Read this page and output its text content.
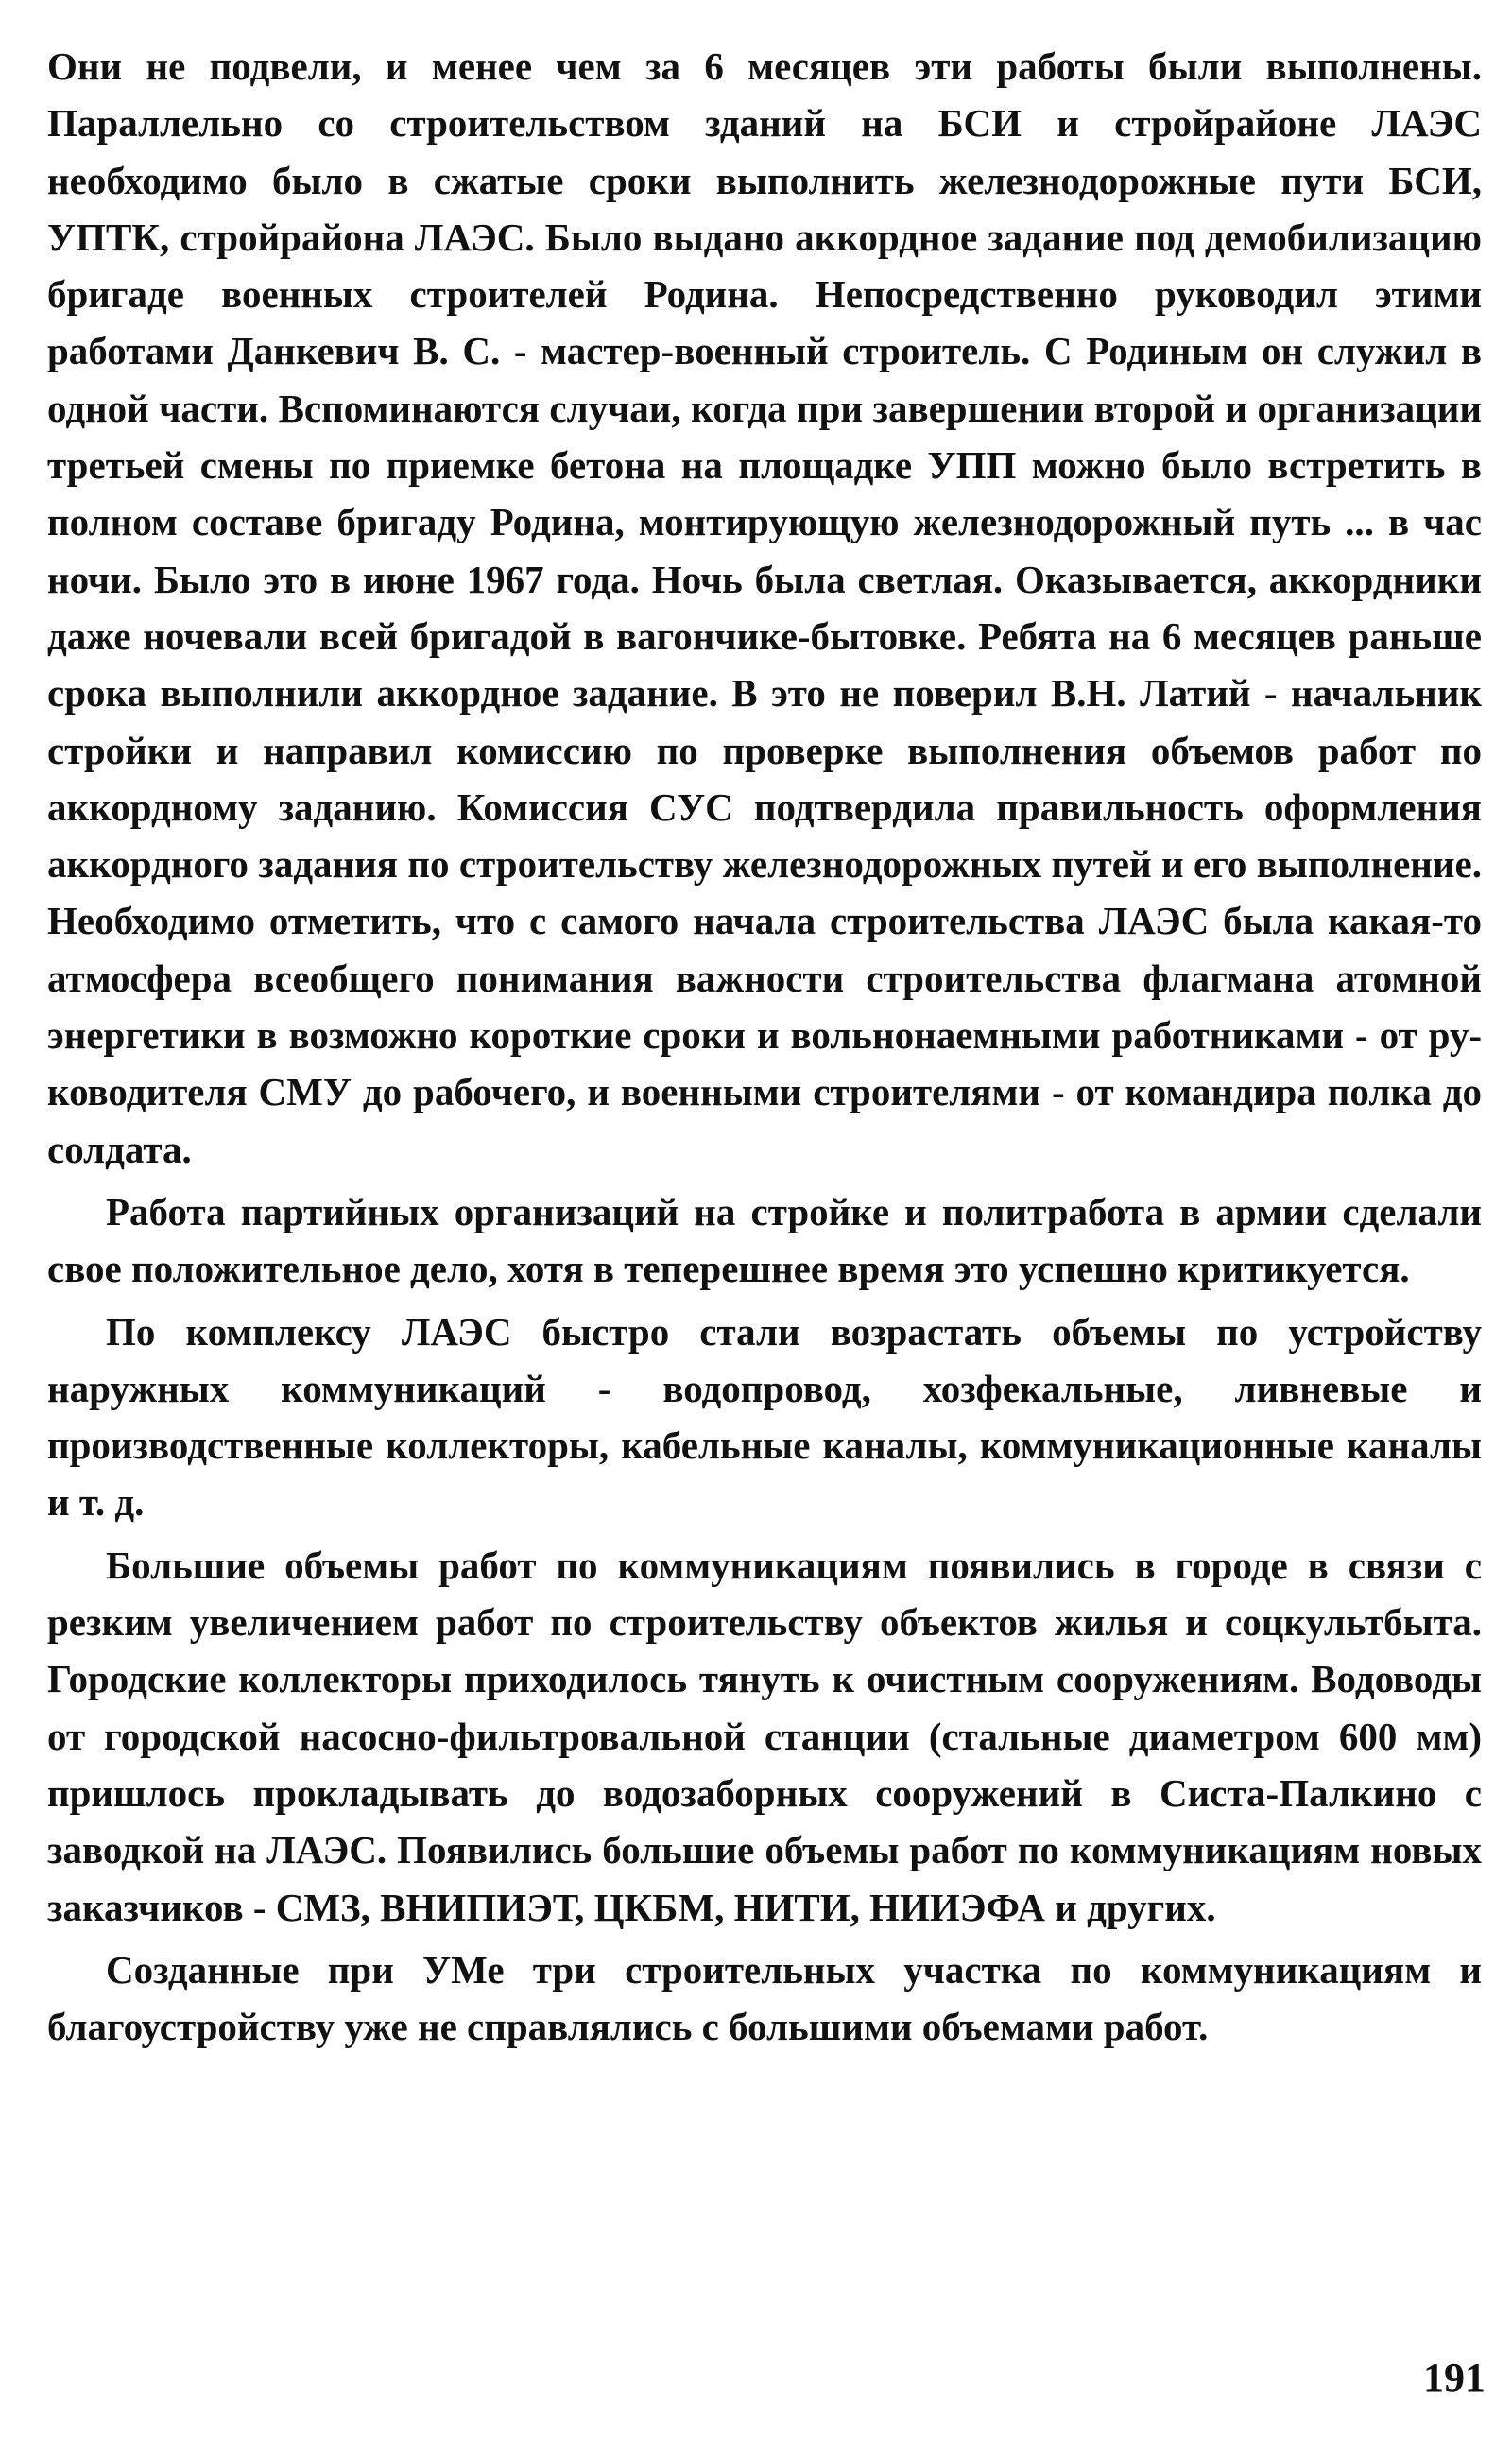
Они не подвели, и менее чем за 6 месяцев эти работы были выполнены. Параллельно со строительством зданий на БСИ и стройрайоне ЛАЭС необходимо было в сжатые сроки выполнить железнодорожные пути БСИ, УПТК, стройрайона ЛАЭС. Было выдано аккордное задание под демобилизацию бригаде военных строителей Родина. Непосредственно руководил этими работами Данкевич В. С. - мастер-военный строитель. С Родиным он служил в одной части. Вспоминаются случаи, когда при завершении второй и организации третьей смены по приемке бетона на площадке УПП можно было встретить в полном составе бригаду Родина, монтирующую железнодорожный путь ... в час ночи. Было это в июне 1967 года. Ночь была светлая. Оказывается, аккордники даже ночевали всей бригадой в вагончике-бытовке. Ребята на 6 месяцев раньше срока выполнили аккордное задание. В это не поверил В.Н. Латий - начальник стройки и направил комиссию по проверке выполнения объемов работ по аккордному заданию. Комиссия СУС подтвердила правильность оформления аккордного задания по строительству железнодорожных путей и его выполнение. Необходимо отметить, что с самого начала строительства ЛАЭС была какая-то атмосфера всеобщего понимания важности строительства флагмана атомной энергетики в возможно короткие сроки и вольнонаемными работниками - от руководителя СМУ до рабочего, и военными строителями - от командира полка до солдата.

Работа партийных организаций на стройке и политработа в армии сделали свое положительное дело, хотя в теперешнее время это успешно критикуется.

По комплексу ЛАЭС быстро стали возрастать объемы по устройству наружных коммуникаций - водопровод, хозфекальные, ливневые и производственные коллекторы, кабельные каналы, коммуникационные каналы и т. д.

Большие объемы работ по коммуникациям появились в городе в связи с резким увеличением работ по строительству объектов жилья и соцкультбыта. Городские коллекторы приходилось тянуть к очистным сооружениям. Водоводы от городской насосно-фильтровальной станции (стальные диаметром 600 мм) пришлось прокладывать до водозаборных сооружений в Систа-Палкино с заводкой на ЛАЭС. Появились большие объемы работ по коммуникациям новых заказчиков - СМЗ, ВНИПИЭТ, ЦКБМ, НИТИ, НИИЭФА и других.

Созданные при УМе три строительных участка по коммуникациям и благоустройству уже не справлялись с большими объемами работ.

191
